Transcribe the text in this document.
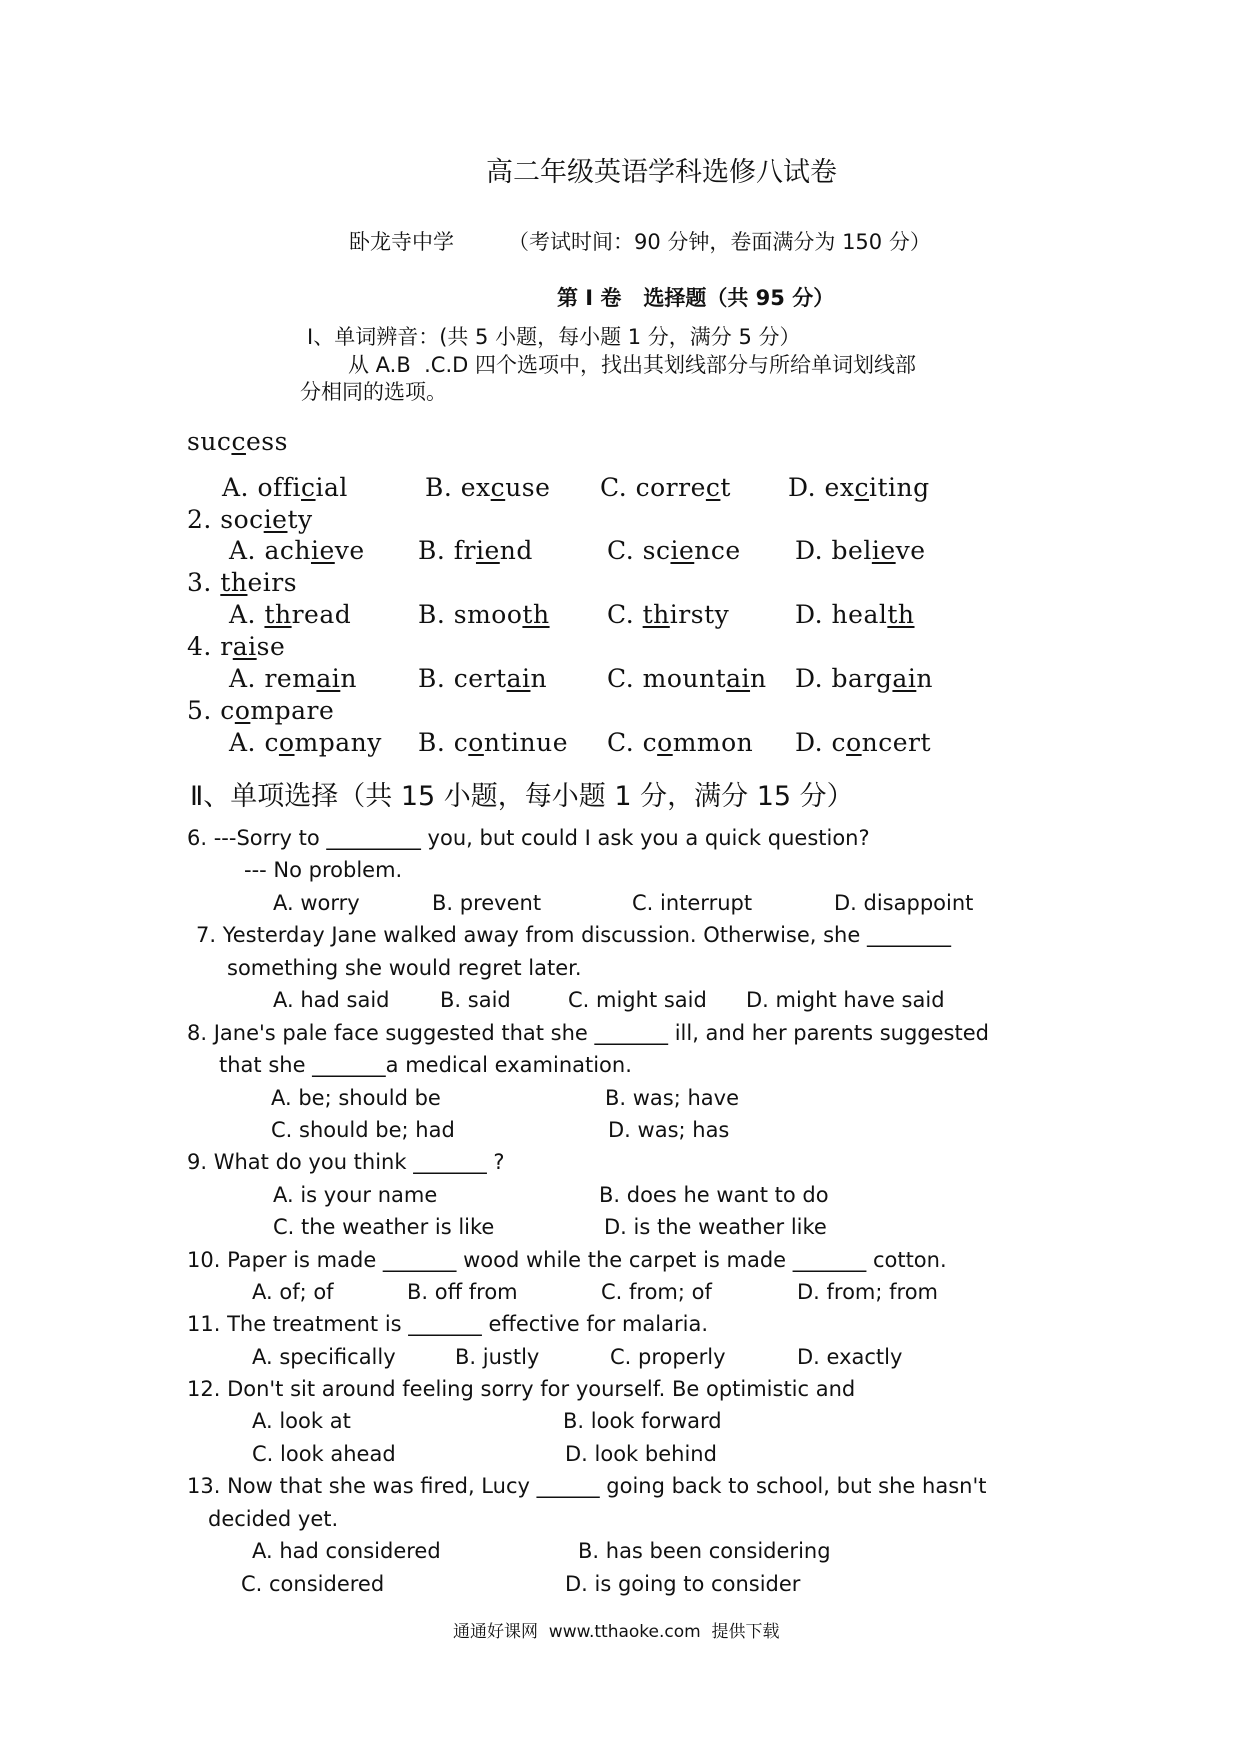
高二年级英语学科选修八试卷
卧龙寺中学	（考试时间：90 分钟，卷面满分为 150 分）
第 I 卷   选择题（共 95 分）
Ⅰ、单词辨音：(共 5 小题，每小题 1 分，满分 5 分）
从 A.B  .C.D 四个选项中，找出其划线部分与所给单词划线部
分相同的选项。
success
A. official	B. excuse C. correct D. exciting
2. society
A. achieve B. friend	C. science D. believe
3. theirs
A. thread	B. smooth C. thirsty	D. health
4. raise
A. remain B. certain C. mountain D. bargain
5. compare
A. company B. continue C. common D. concert
Ⅱ、单项选择（共 15 小题，每小题 1 分，满分 15 分）
6. ---Sorry to _________ you, but could I ask you a quick question?
--- No problem.
A. worry	B. prevent	C. interrupt	D. disappoint
7. Yesterday Jane walked away from discussion. Otherwise, she ________
something she would regret later.
A. had said B. said	C. might said D. might have said
8. Jane's pale face suggested that she _______ ill, and her parents suggested
that she _______a medical examination.
A. be; should be	B. was; have
C. should be; had	D. was; has
9. What do you think _______ ?
A. is your name	B. does he want to do
C. the weather is like	D. is the weather like
10. Paper is made _______ wood while the carpet is made _______ cotton.
A. of; of	B. off from	C. from; of	D. from; from
11. The treatment is _______ effective for malaria.
A. specifically	B. justly	C. properly	D. exactly
12. Don't sit around feeling sorry for yourself. Be optimistic and
A. look at	B. look forward
C. look ahead	D. look behind
13. Now that she was fired, Lucy ______ going back to school, but she hasn't
decided yet.
A. had considered	B. has been considering
C. considered	D. is going to consider
通通好课网  www.tthaoke.com  提供下载
